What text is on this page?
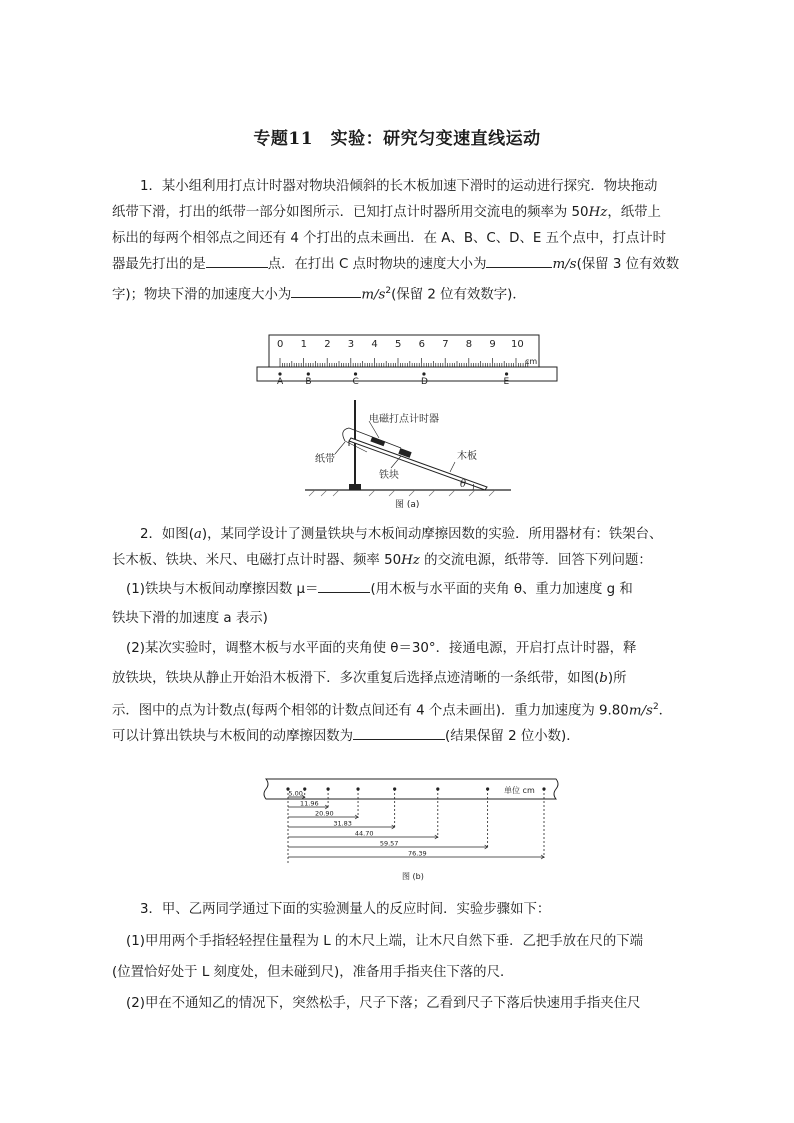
专题11　实验：研究匀变速直线运动
1．某小组利用打点计时器对物块沿倾斜的长木板加速下滑时的运动进行探究．物块拖动
纸带下滑，打出的纸带一部分如图所示．已知打点计时器所用交流电的频率为 50Hz，纸带上
标出的每两个相邻点之间还有 4 个打出的点未画出．在 A、B、C、D、E 五个点中，打点计时
器最先打出的是	点．在打出 C 点时物块的速度大小为	m/s(保留 3 位有效数
字)；物块下滑的加速度大小为	$m/s^2$(保留 2 位有效数字)．
0 1 2 3 4 5 6 7 8 9 10
cm
A B	C	D	E
电磁打点计时器
纸带	木板
铁块
θ
图 (a)
2．如图(a)，某同学设计了测量铁块与木板间动摩擦因数的实验．所用器材有：铁架台、
长木板、铁块、米尺、电磁打点计时器、频率 50Hz 的交流电源，纸带等．回答下列问题：
(1)铁块与木板间动摩擦因数 μ＝	(用木板与水平面的夹角 θ、重力加速度 g 和
铁块下滑的加速度 a 表示)
(2)某次实验时，调整木板与水平面的夹角使 θ＝30°．接通电源，开启打点计时器，释
放铁块，铁块从静止开始沿木板滑下．多次重复后选择点迹清晰的一条纸带，如图(b)所
示．图中的点为计数点(每两个相邻的计数点间还有 4 个点未画出)．重力加速度为 $9.80m/s^2$．
可以计算出铁块与木板间的动摩擦因数为	(结果保留 2 位小数)．
单位 cm
5.00
11.96
20.90
31.83
44.70
59.57
76.39
图 (b)
3．甲、乙两同学通过下面的实验测量人的反应时间．实验步骤如下：
(1)甲用两个手指轻轻捏住量程为 L 的木尺上端，让木尺自然下垂．乙把手放在尺的下端
(位置恰好处于 L 刻度处，但未碰到尺)，准备用手指夹住下落的尺．
(2)甲在不通知乙的情况下，突然松手，尺子下落；乙看到尺子下落后快速用手指夹住尺
